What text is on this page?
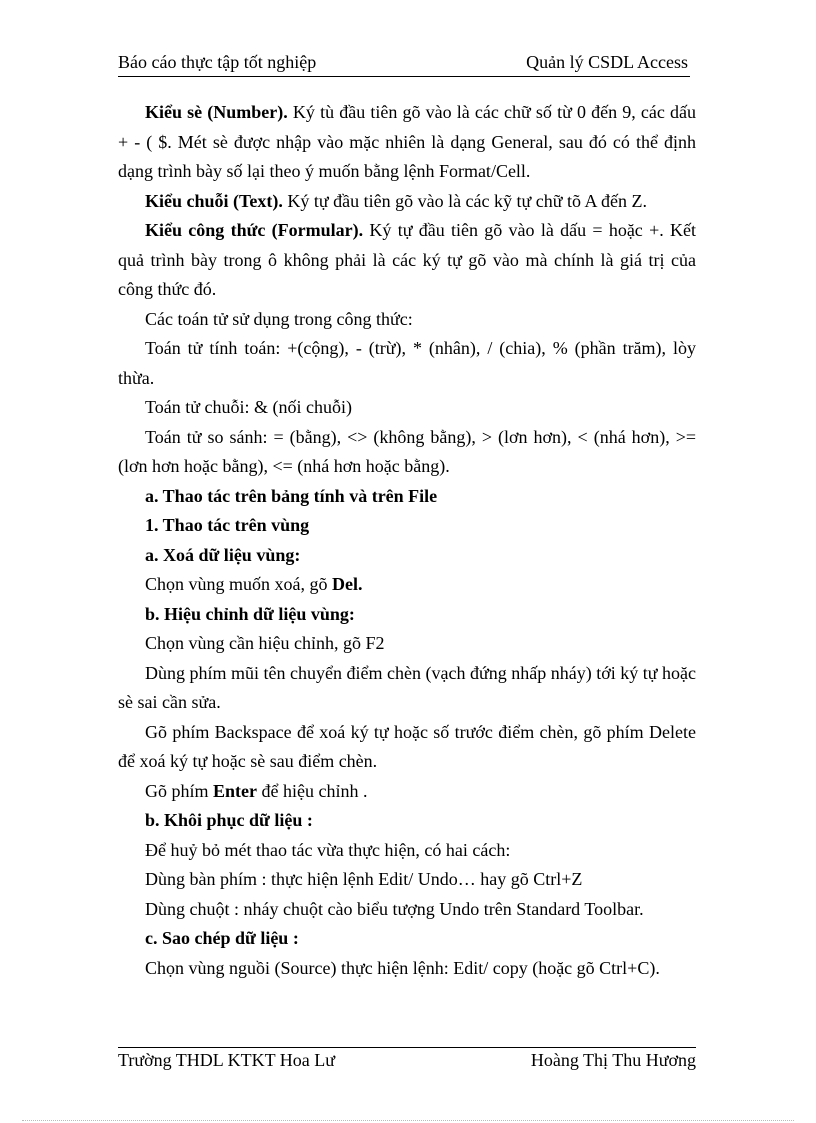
Báo cáo thực tập tốt nghiệp	Quản lý CSDL Access

Kiểu sè (Number). Ký tù đầu tiên gõ vào là các chữ số từ 0 đến 9, các dấu + - ( $. Mét sè được nhập vào mặc nhiên là dạng General, sau đó có thể định dạng trình bày số lại theo ý muốn bằng lệnh Format/Cell.

Kiểu chuỗi (Text). Ký tự đầu tiên gõ vào là các kỹ tự chữ tõ A đến Z.

Kiểu công thức (Formular). Ký tự đầu tiên gõ vào là dấu = hoặc +. Kết quả trình bày trong ô không phải là các ký tự gõ vào mà chính là giá trị của công thức đó.

Các toán tử sử dụng trong công thức:

Toán tử tính toán: +(cộng), - (trừ), * (nhân), / (chia), % (phần trăm), lòy thừa.

Toán tử chuỗi: & (nối chuỗi)

Toán tử so sánh: = (bằng), <> (không bằng), > (lơn hơn), < (nhá hơn), >= (lơn hơn hoặc bằng), <= (nhá hơn hoặc bằng).

a. Thao tác trên bảng tính và trên File

1. Thao tác trên vùng

a. Xoá dữ liệu vùng:

Chọn vùng muốn xoá, gõ Del.

b. Hiệu chỉnh dữ liệu vùng:

Chọn vùng cần hiệu chỉnh, gõ F2

Dùng phím mũi tên chuyển điểm chèn (vạch đứng nhấp nháy) tới ký tự hoặc sè sai cần sửa.

Gõ phím Backspace để xoá ký tự hoặc số trước điểm chèn, gõ phím Delete để xoá ký tự hoặc sè sau điểm chèn.

Gõ phím Enter để hiệu chỉnh .

b. Khôi phục dữ liệu :

Để huỷ bỏ mét thao tác vừa thực hiện, có hai cách:

Dùng bàn phím : thực hiện lệnh Edit/ Undo… hay gõ Ctrl+Z

Dùng chuột : nháy chuột cào biểu tượng Undo trên Standard Toolbar.

c. Sao chép dữ liệu :

Chọn vùng nguồi (Source) thực hiện lệnh: Edit/ copy (hoặc gõ Ctrl+C).

Trường THDL KTKT Hoa Lư	Hoàng Thị Thu Hương
